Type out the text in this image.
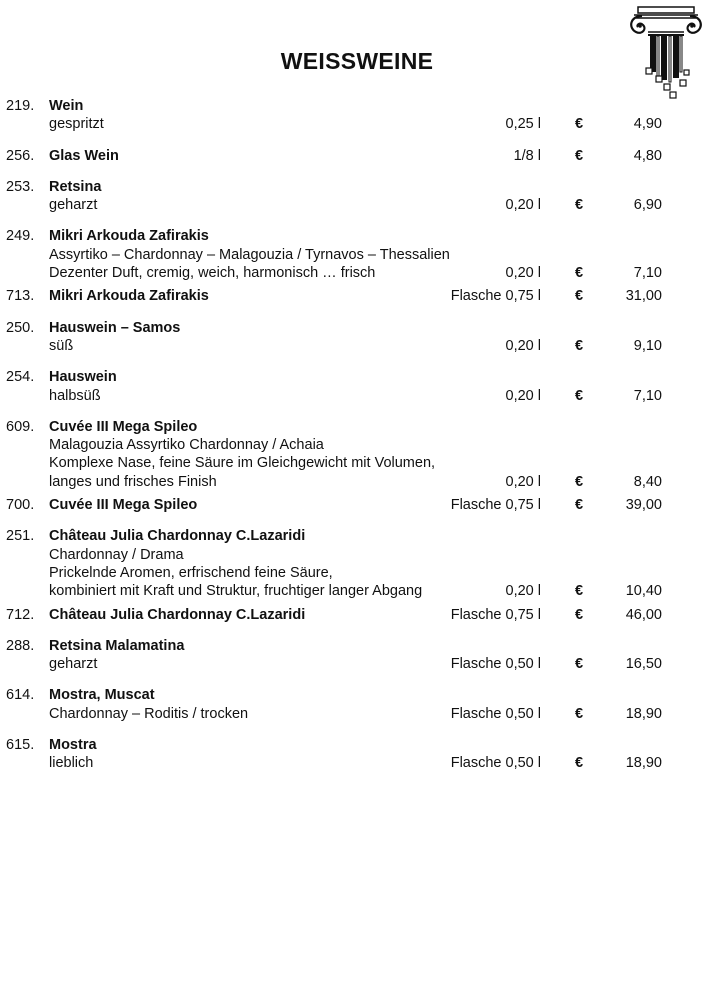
WEISSWEINE
219. Wein
gespritzt	0,25 l €	4,90
256. Glas Wein	1/8 l €	4,80
253. Retsina
geharzt	0,20 l €	6,90
249. Mikri Arkouda Zafirakis
Assyrtiko – Chardonnay – Malagouzia / Tyrnavos – Thessalien
Dezenter Duft, cremig, weich, harmonisch … frisch	0,20 l €	7,10
713. Mikri Arkouda Zafirakis	Flasche 0,75 l €	31,00
250. Hauswein – Samos
süß	0,20 l €	9,10
254. Hauswein
halbsüß	0,20 l €	7,10
609. Cuvée III Mega Spileo
Malagouzia Assyrtiko Chardonnay / Achaia
Komplexe Nase, feine Säure im Gleichgewicht mit Volumen,
langes und frisches Finish	0,20 l €	8,40
700. Cuvée III Mega Spileo	Flasche 0,75 l €	39,00
251. Château Julia Chardonnay C.Lazaridi
Chardonnay / Drama
Prickelnde Aromen, erfrischend feine Säure,
kombiniert mit Kraft und Struktur, fruchtiger langer Abgang	0,20 l €	10,40
712. Château Julia Chardonnay C.Lazaridi	Flasche 0,75 l €	46,00
288. Retsina Malamatina
geharzt	Flasche 0,50 l €	16,50
614. Mostra, Muscat
Chardonnay – Roditis / trocken	Flasche 0,50 l €	18,90
615. Mostra
lieblich	Flasche 0,50 l €	18,90
